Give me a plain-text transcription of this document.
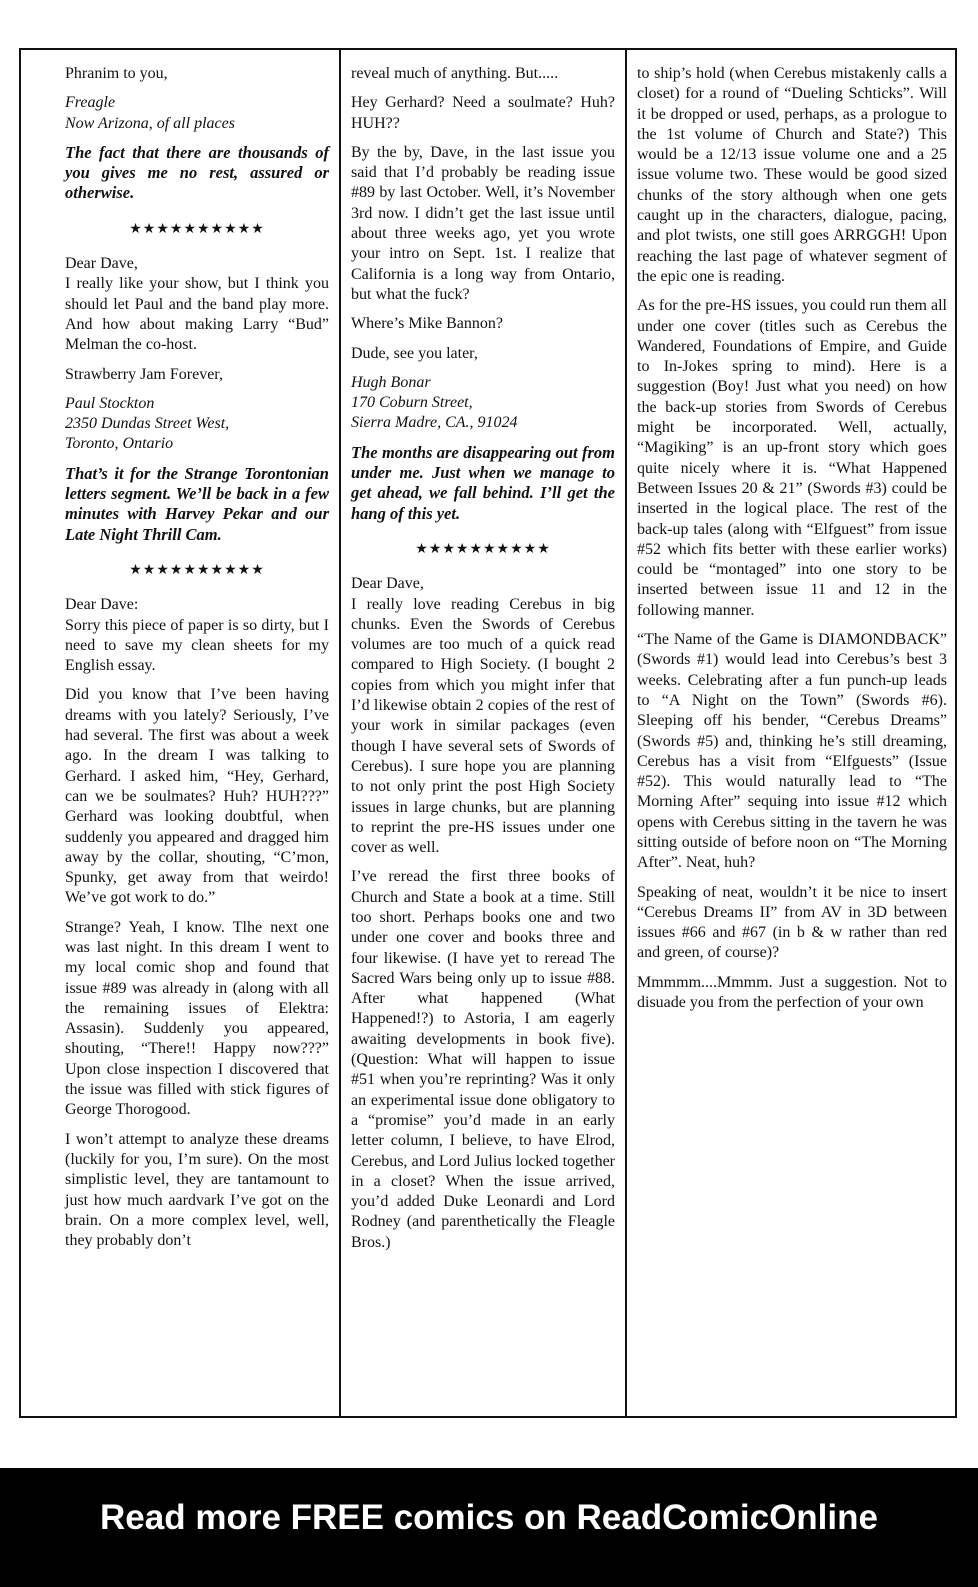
Phranim to you,

Freagle
Now Arizona, of all places

The fact that there are thousands of you gives me no rest, assured or otherwise.

★★★★★★★★★★

Dear Dave,

I really like your show, but I think you should let Paul and the band play more. And how about making Larry “Bud” Melman the co-host.

Strawberry Jam Forever,

Paul Stockton
2350 Dundas Street West,
Toronto, Ontario

That’s it for the Strange Torontonian letters segment. We’ll be back in a few minutes with Harvey Pekar and our Late Night Thrill Cam.

★★★★★★★★★★

Dear Dave:

Sorry this piece of paper is so dirty, but I need to save my clean sheets for my English essay.

Did you know that I’ve been having dreams with you lately? Seriously, I’ve had several. The first was about a week ago. In the dream I was talking to Gerhard. I asked him, “Hey, Gerhard, can we be soulmates? Huh? HUH???” Gerhard was looking doubtful, when suddenly you appeared and dragged him away by the collar, shouting, “C’mon, Spunky, get away from that weirdo! We’ve got work to do.”

Strange? Yeah, I know. Tlhe next one was last night. In this dream I went to my local comic shop and found that issue #89 was already in (along with all the remaining issues of Elektra: Assasin). Suddenly you appeared, shouting, “There!! Happy now???” Upon close inspection I discovered that the issue was filled with stick figures of George Thorogood.

I won’t attempt to analyze these dreams (luckily for you, I’m sure). On the most simplistic level, they are tantamount to just how much aardvark I’ve got on the brain. On a more complex level, well, they probably don’t

reveal much of anything. But.....

Hey Gerhard? Need a soulmate? Huh? HUH??

By the by, Dave, in the last issue you said that I’d probably be reading issue #89 by last October. Well, it’s November 3rd now. I didn’t get the last issue until about three weeks ago, yet you wrote your intro on Sept. 1st. I realize that California is a long way from Ontario, but what the fuck?

Where’s Mike Bannon?

Dude, see you later,

Hugh Bonar
170 Coburn Street,
Sierra Madre, CA., 91024

The months are disappearing out from under me. Just when we manage to get ahead, we fall behind. I’ll get the hang of this yet.

★★★★★★★★★★

Dear Dave,

I really love reading Cerebus in big chunks. Even the Swords of Cerebus volumes are too much of a quick read compared to High Society. (I bought 2 copies from which you might infer that I’d likewise obtain 2 copies of the rest of your work in similar packages (even though I have several sets of Swords of Cerebus). I sure hope you are planning to not only print the post High Society issues in large chunks, but are planning to reprint the pre-HS issues under one cover as well.

I’ve reread the first three books of Church and State a book at a time. Still too short. Perhaps books one and two under one cover and books three and four likewise. (I have yet to reread The Sacred Wars being only up to issue #88. After what happened (What Happened!?) to Astoria, I am eagerly awaiting developments in book five). (Question: What will happen to issue #51 when you’re reprinting? Was it only an experimental issue done obligatory to a “promise” you’d made in an early letter column, I believe, to have Elrod, Cerebus, and Lord Julius locked together in a closet? When the issue arrived, you’d added Duke Leonardi and Lord Rodney (and parenthetically the Fleagle Bros.)

to ship’s hold (when Cerebus mistakenly calls a closet) for a round of “Dueling Schticks”. Will it be dropped or used, perhaps, as a prologue to the 1st volume of Church and State?) This would be a 12/13 issue volume one and a 25 issue volume two. These would be good sized chunks of the story although when one gets caught up in the characters, dialogue, pacing, and plot twists, one still goes ARRGGH! Upon reaching the last page of whatever segment of the epic one is reading.

As for the pre-HS issues, you could run them all under one cover (titles such as Cerebus the Wandered, Foundations of Empire, and Guide to In-Jokes spring to mind). Here is a suggestion (Boy! Just what you need) on how the back-up stories from Swords of Cerebus might be incorporated. Well, actually, “Magiking” is an up-front story which goes quite nicely where it is. “What Happened Between Issues 20 & 21” (Swords #3) could be inserted in the logical place. The rest of the back-up tales (along with “Elfguest” from issue #52 which fits better with these earlier works) could be “montaged” into one story to be inserted between issue 11 and 12 in the following manner.

“The Name of the Game is DIAMONDBACK” (Swords #1) would lead into Cerebus’s best 3 weeks. Celebrating after a fun punch-up leads to “A Night on the Town” (Swords #6). Sleeping off his bender, “Cerebus Dreams” (Swords #5) and, thinking he’s still dreaming, Cerebus has a visit from “Elfguests” (Issue #52). This would naturally lead to “The Morning After” sequing into issue #12 which opens with Cerebus sitting in the tavern he was sitting outside of before noon on “The Morning After”. Neat, huh?

Speaking of neat, wouldn’t it be nice to insert “Cerebus Dreams II” from AV in 3D between issues #66 and #67 (in b & w rather than red and green, of course)?

Mmmmm....Mmmm. Just a suggestion. Not to disuade you from the perfection of your own

Read more FREE comics on ReadComicOnline
